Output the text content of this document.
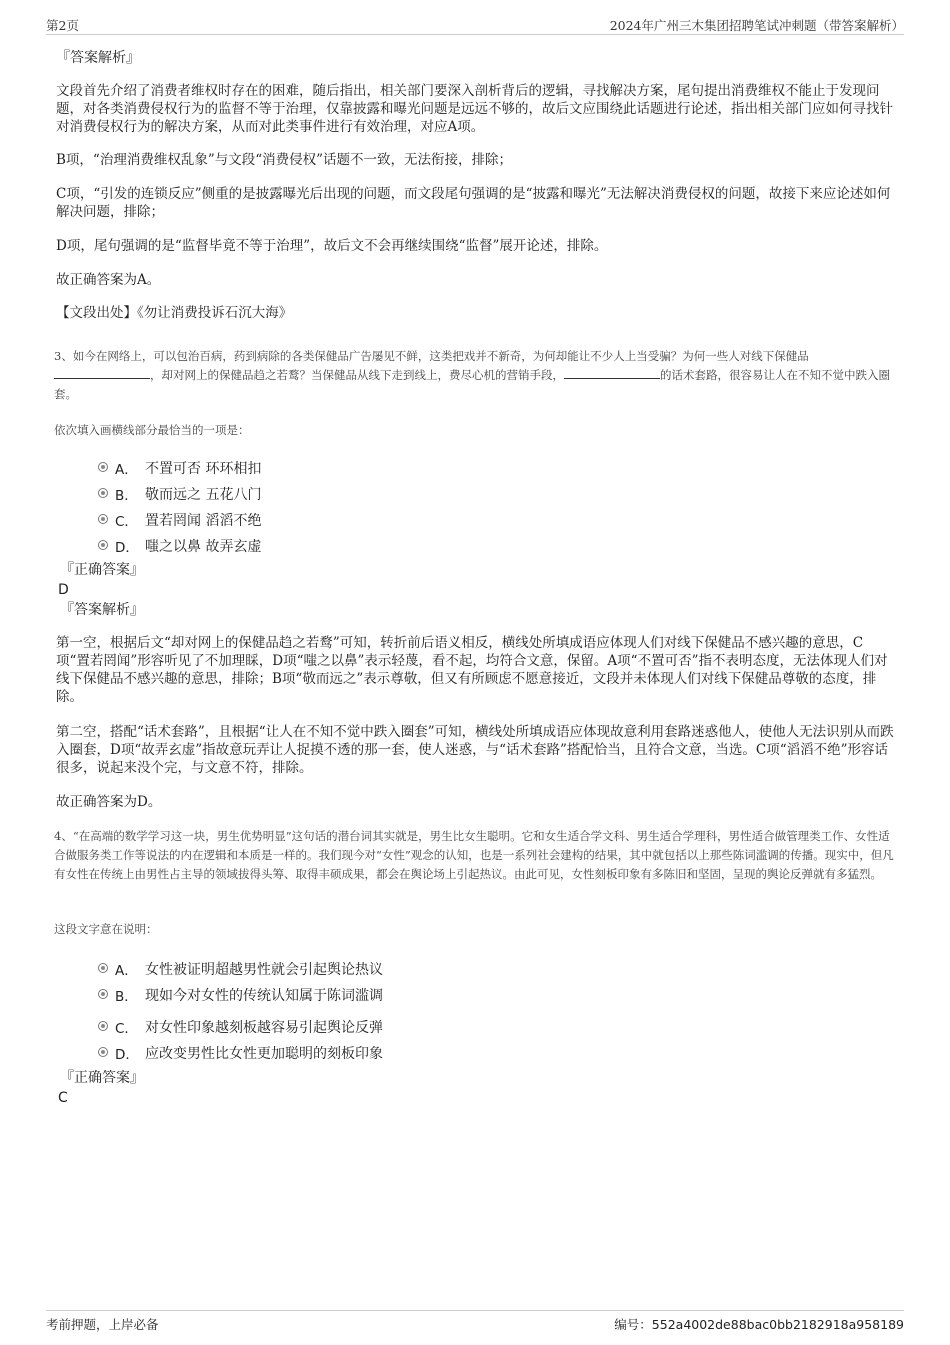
第2页	2024年广州三木集团招聘笔试冲刺题（带答案解析）
『答案解析』

文段首先介绍了消费者维权时存在的困难，随后指出，相关部门要深入剖析背后的逻辑，寻找解决方案，尾句提出消费维权不能止于发现问题，对各类消费侵权行为的监督不等于治理，仅靠披露和曝光问题是远远不够的，故后文应围绕此话题进行论述，指出相关部门应如何寻找针对消费侵权行为的解决方案，从而对此类事件进行有效治理，对应A项。

B项，“治理消费维权乱象”与文段“消费侵权”话题不一致，无法衔接，排除；

C项，“引发的连锁反应”侧重的是披露曝光后出现的问题，而文段尾句强调的是“披露和曝光”无法解决消费侵权的问题，故接下来应论述如何解决问题，排除；

D项，尾句强调的是“监督毕竟不等于治理”，故后文不会再继续围绕“监督”展开论述，排除。

故正确答案为A。

【文段出处】《勿让消费投诉石沉大海》

3、如今在网络上，可以包治百病，药到病除的各类保健品广告屡见不鲜，这类把戏并不新奇，为何却能让不少人上当受骗？为何一些人对线下保健品，却对网上的保健品趋之若鹜？当保健品从线下走到线上，费尽心机的营销手段，	的话术套路，很容易让人在不知不觉中跌入圈套。
依次填入画横线部分最恰当的一项是：
A． 不置可否 环环相扣
B． 敬而远之 五花八门
C． 置若罔闻 滔滔不绝
D． 嗤之以鼻 故弄玄虚
『正确答案』
D
『答案解析』

第一空，根据后文“却对网上的保健品趋之若鹜”可知，转折前后语义相反，横线处所填成语应体现人们对线下保健品不感兴趣的意思，C项“置若罔闻”形容听见了不加理睬，D项“嗤之以鼻”表示轻蔑，看不起，均符合文意，保留。A项“不置可否”指不表明态度，无法体现人们对线下保健品不感兴趣的意思，排除；B项“敬而远之”表示尊敬，但又有所顾虑不愿意接近，文段并未体现人们对线下保健品尊敬的态度，排除。

第二空，搭配“话术套路”，且根据“让人在不知不觉中跌入圈套”可知，横线处所填成语应体现故意利用套路迷惑他人，使他人无法识别从而跌入圈套，D项“故弄玄虚”指故意玩弄让人捉摸不透的那一套，使人迷惑，与“话术套路”搭配恰当，且符合文意，当选。C项“滔滔不绝”形容话很多，说起来没个完，与文意不符，排除。

故正确答案为D。

4、“在高端的数学学习这一块，男生优势明显”这句话的潜台词其实就是，男生比女生聪明。它和女生适合学文科、男生适合学理科，男性适合做管理类工作、女性适合做服务类工作等说法的内在逻辑和本质是一样的。我们现今对“女性”观念的认知，也是一系列社会建构的结果，其中就包括以上那些陈词滥调的传播。现实中，但凡有女性在传统上由男性占主导的领域拔得头筹、取得丰硕成果，都会在舆论场上引起热议。由此可见，女性刻板印象有多陈旧和坚固，呈现的舆论反弹就有多猛烈。
这段文字意在说明：
A． 女性被证明超越男性就会引起舆论热议
B． 现如今对女性的传统认知属于陈词滥调
C． 对女性印象越刻板越容易引起舆论反弹
D． 应改变男性比女性更加聪明的刻板印象
『正确答案』
C
考前押题，上岸必备	编号：552a4002de88bac0bb2182918a958189
